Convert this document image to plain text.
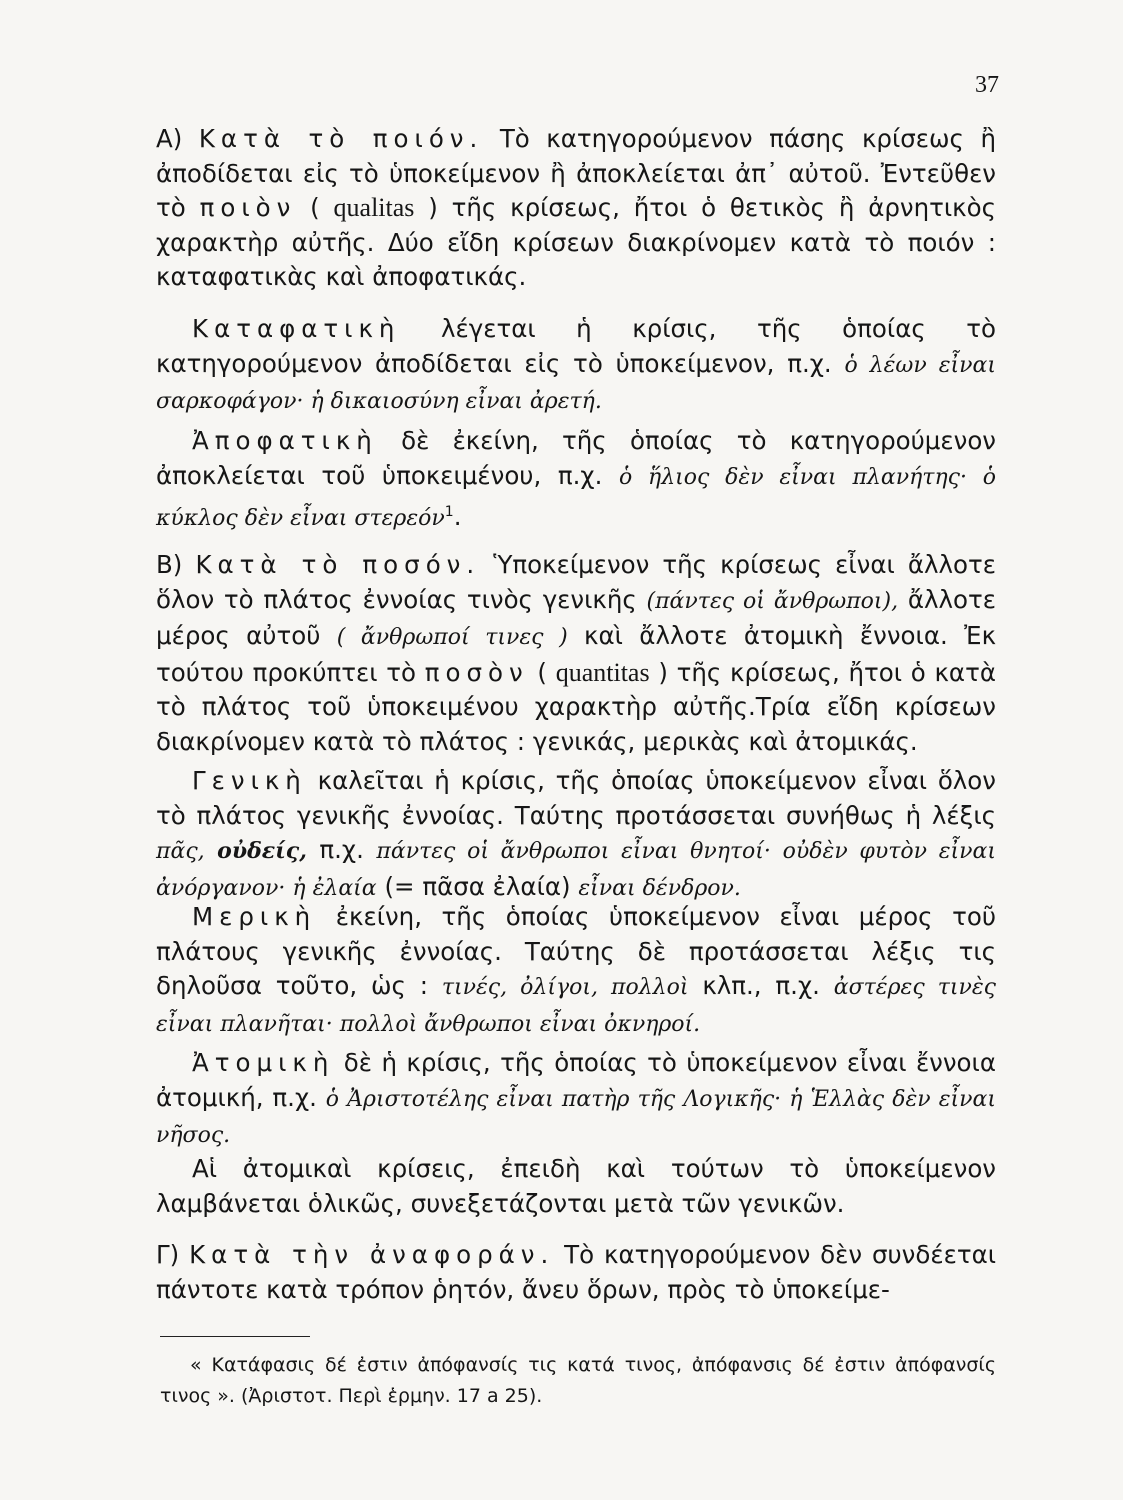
37

Α) Κατὰ τὸ ποιόν. Τὸ κατηγορούμενον πάσης κρίσεως ἢ ἀποδίδεται εἰς τὸ ὑποκείμενον ἢ ἀποκλείεται ἀπ᾽ αὐτοῦ. Ἐντεῦθεν τὸ ποιὸν ( qualitas ) τῆς κρίσεως, ἤτοι ὁ θετικὸς ἢ ἀρνητικὸς χαρακτὴρ αὐτῆς. Δύο εἴδη κρίσεων διακρίνομεν κατὰ τὸ ποιόν : καταφατικὰς καὶ ἀποφατικάς.

Καταφατικὴ λέγεται ἡ κρίσις, τῆς ὁποίας τὸ κατηγορούμενον ἀποδίδεται εἰς τὸ ὑποκείμενον, π.χ. ὁ λέων εἶναι σαρκοφάγον· ἡ δικαιοσύνη εἶναι ἀρετή.

Ἀποφατικὴ δὲ ἐκείνη, τῆς ὁποίας τὸ κατηγορούμενον ἀποκλείεται τοῦ ὑποκειμένου, π.χ. ὁ ἥλιος δὲν εἶναι πλανήτης· ὁ κύκλος δὲν εἶναι στερεόν$^1$.

Β) Κατὰ τὸ ποσόν. Ὑποκείμενον τῆς κρίσεως εἶναι ἄλλοτε ὅλον τὸ πλάτος ἐννοίας τινὸς γενικῆς (πάντες οἱ ἄνθρωποι), ἄλλοτε μέρος αὐτοῦ ( ἄνθρωποί τινες ) καὶ ἄλλοτε ἀτομικὴ ἔννοια. Ἐκ τούτου προκύπτει τὸ ποσὸν ( quantitas ) τῆς κρίσεως, ἤτοι ὁ κατὰ τὸ πλάτος τοῦ ὑποκειμένου χαρακτὴρ αὐτῆς.Τρία εἴδη κρίσεων διακρίνομεν κατὰ τὸ πλάτος : γενικάς, μερικὰς καὶ ἀτομικάς.

Γενικὴ καλεῖται ἡ κρίσις, τῆς ὁποίας ὑποκείμενον εἶναι ὅλον τὸ πλάτος γενικῆς ἐννοίας. Ταύτης προτάσσεται συνήθως ἡ λέξις πᾶς, οὐδείς, π.χ. πάντες οἱ ἄνθρωποι εἶναι θνητοί· οὐδὲν φυτὸν εἶναι ἀνόργανον· ἡ ἐλαία (= πᾶσα ἐλαία) εἶναι δένδρον.

Μερικὴ ἐκείνη, τῆς ὁποίας ὑποκείμενον εἶναι μέρος τοῦ πλάτους γενικῆς ἐννοίας. Ταύτης δὲ προτάσσεται λέξις τις δηλοῦσα τοῦτο, ὡς : τινές, ὀλίγοι, πολλοὶ κλπ., π.χ. ἀστέρες τινὲς εἶναι πλανῆται· πολλοὶ ἄνθρωποι εἶναι ὀκνηροί.

Ἀτομικὴ δὲ ἡ κρίσις, τῆς ὁποίας τὸ ὑποκείμενον εἶναι ἔννοια ἀτομική, π.χ. ὁ Ἀριστοτέλης εἶναι πατὴρ τῆς Λογικῆς· ἡ Ἑλλὰς δὲν εἶναι νῆσος.

Αἱ ἀτομικαὶ κρίσεις, ἐπειδὴ καὶ τούτων τὸ ὑποκείμενον λαμβάνεται ὁλικῶς, συνεξετάζονται μετὰ τῶν γενικῶν.

Γ) Κατὰ τὴν ἀναφοράν. Τὸ κατηγορούμενον δὲν συνδέεται πάντοτε κατὰ τρόπον ῥητόν, ἄνευ ὅρων, πρὸς τὸ ὑποκείμε-

« Κατάφασις δέ ἐστιν ἀπόφανσίς τις κατά τινος, ἀπόφανσις δέ ἐστιν ἀπόφανσίς τινος ». (Ἀριστοτ. Περὶ ἑρμην. 17 a 25).
